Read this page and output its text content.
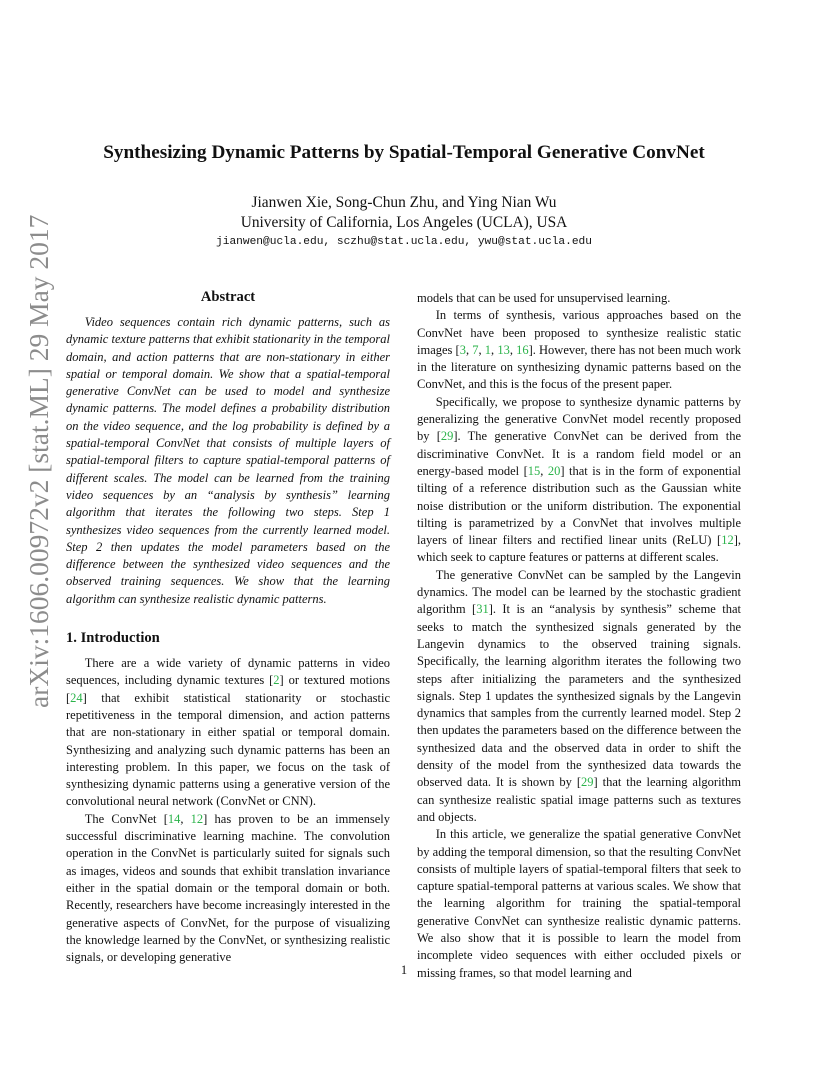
arXiv:1606.00972v2 [stat.ML] 29 May 2017
Synthesizing Dynamic Patterns by Spatial-Temporal Generative ConvNet
Jianwen Xie, Song-Chun Zhu, and Ying Nian Wu
University of California, Los Angeles (UCLA), USA
jianwen@ucla.edu, sczhu@stat.ucla.edu, ywu@stat.ucla.edu
Abstract

Video sequences contain rich dynamic patterns, such as dynamic texture patterns that exhibit stationarity in the temporal domain, and action patterns that are non-stationary in either spatial or temporal domain. We show that a spatial-temporal generative ConvNet can be used to model and synthesize dynamic patterns. The model defines a probability distribution on the video sequence, and the log probability is defined by a spatial-temporal ConvNet that consists of multiple layers of spatial-temporal filters to capture spatial-temporal patterns of different scales. The model can be learned from the training video sequences by an “analysis by synthesis” learning algorithm that iterates the following two steps. Step 1 synthesizes video sequences from the currently learned model. Step 2 then updates the model parameters based on the difference between the synthesized video sequences and the observed training sequences. We show that the learning algorithm can synthesize realistic dynamic patterns.

1. Introduction

There are a wide variety of dynamic patterns in video sequences, including dynamic textures [2] or textured motions [24] that exhibit statistical stationarity or stochastic repetitiveness in the temporal dimension, and action patterns that are non-stationary in either spatial or temporal domain. Synthesizing and analyzing such dynamic patterns has been an interesting problem. In this paper, we focus on the task of synthesizing dynamic patterns using a generative version of the convolutional neural network (ConvNet or CNN).

The ConvNet [14, 12] has proven to be an immensely successful discriminative learning machine. The convolution operation in the ConvNet is particularly suited for signals such as images, videos and sounds that exhibit translation invariance either in the spatial domain or the temporal domain or both. Recently, researchers have become increasingly interested in the generative aspects of ConvNet, for the purpose of visualizing the knowledge learned by the ConvNet, or synthesizing realistic signals, or developing generative

models that can be used for unsupervised learning.

In terms of synthesis, various approaches based on the ConvNet have been proposed to synthesize realistic static images [3, 7, 1, 13, 16]. However, there has not been much work in the literature on synthesizing dynamic patterns based on the ConvNet, and this is the focus of the present paper.

Specifically, we propose to synthesize dynamic patterns by generalizing the generative ConvNet model recently proposed by [29]. The generative ConvNet can be derived from the discriminative ConvNet. It is a random field model or an energy-based model [15, 20] that is in the form of exponential tilting of a reference distribution such as the Gaussian white noise distribution or the uniform distribution. The exponential tilting is parametrized by a ConvNet that involves multiple layers of linear filters and rectified linear units (ReLU) [12], which seek to capture features or patterns at different scales.

The generative ConvNet can be sampled by the Langevin dynamics. The model can be learned by the stochastic gradient algorithm [31]. It is an “analysis by synthesis” scheme that seeks to match the synthesized signals generated by the Langevin dynamics to the observed training signals. Specifically, the learning algorithm iterates the following two steps after initializing the parameters and the synthesized signals. Step 1 updates the synthesized signals by the Langevin dynamics that samples from the currently learned model. Step 2 then updates the parameters based on the difference between the synthesized data and the observed data in order to shift the density of the model from the synthesized data towards the observed data. It is shown by [29] that the learning algorithm can synthesize realistic spatial image patterns such as textures and objects.

In this article, we generalize the spatial generative ConvNet by adding the temporal dimension, so that the resulting ConvNet consists of multiple layers of spatial-temporal filters that seek to capture spatial-temporal patterns at various scales. We show that the learning algorithm for training the spatial-temporal generative ConvNet can synthesize realistic dynamic patterns. We also show that it is possible to learn the model from incomplete video sequences with either occluded pixels or missing frames, so that model learning and

1
